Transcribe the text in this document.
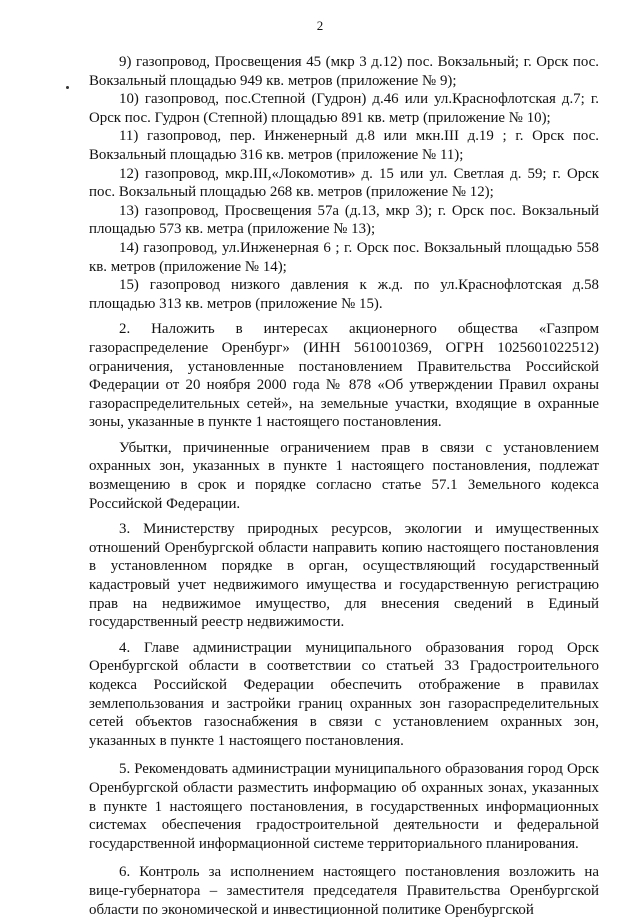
2

9) газопровод, Просвещения 45 (мкр 3 д.12) пос. Вокзальный; г. Орск пос. Вокзальный площадью 949 кв. метров (приложение № 9);

10) газопровод, пос.Степной (Гудрон) д.46 или ул.Краснофлотская д.7; г. Орск пос. Гудрон (Степной) площадью 891 кв. метр (приложение № 10);

11) газопровод, пер. Инженерный д.8 или мкн.III д.19 ; г. Орск пос. Вокзальный площадью 316 кв. метров (приложение № 11);

12) газопровод, мкр.III,«Локомотив» д. 15 или ул. Светлая д. 59; г. Орск пос. Вокзальный площадью 268 кв. метров (приложение № 12);

13) газопровод, Просвещения 57а (д.13, мкр 3); г. Орск пос. Вокзальный площадью 573 кв. метра (приложение № 13);

14) газопровод, ул.Инженерная 6 ; г. Орск пос. Вокзальный площадью 558 кв. метров (приложение № 14);

15) газопровод низкого давления к ж.д. по ул.Краснофлотская д.58 площадью 313 кв. метров (приложение № 15).

2. Наложить в интересах акционерного общества «Газпром газораспределение Оренбург» (ИНН 5610010369, ОГРН 1025601022512) ограничения, установленные постановлением Правительства Российской Федерации от 20 ноября 2000 года № 878 «Об утверждении Правил охраны газораспределительных сетей», на земельные участки, входящие в охранные зоны, указанные в пункте 1 настоящего постановления.

Убытки, причиненные ограничением прав в связи с установлением охранных зон, указанных в пункте 1 настоящего постановления, подлежат возмещению в срок и порядке согласно статье 57.1 Земельного кодекса Российской Федерации.

3. Министерству природных ресурсов, экологии и имущественных отношений Оренбургской области направить копию настоящего постановления в установленном порядке в орган, осуществляющий государственный кадастровый учет недвижимого имущества и государственную регистрацию прав на недвижимое имущество, для внесения сведений в Единый государственный реестр недвижимости.

4. Главе администрации муниципального образования город Орск Оренбургской области в соответствии со статьей 33 Градостроительного кодекса Российской Федерации обеспечить отображение в правилах землепользования и застройки границ охранных зон газораспределительных сетей объектов газоснабжения в связи с установлением охранных зон, указанных в пункте 1 настоящего постановления.

5. Рекомендовать администрации муниципального образования город Орск Оренбургской области разместить информацию об охранных зонах, указанных в пункте 1 настоящего постановления, в государственных информационных системах обеспечения градостроительной деятельности и федеральной государственной информационной системе территориального планирования.

6. Контроль за исполнением настоящего постановления возложить на вице-губернатора – заместителя председателя Правительства Оренбургской области по экономической и инвестиционной политике Оренбургской
